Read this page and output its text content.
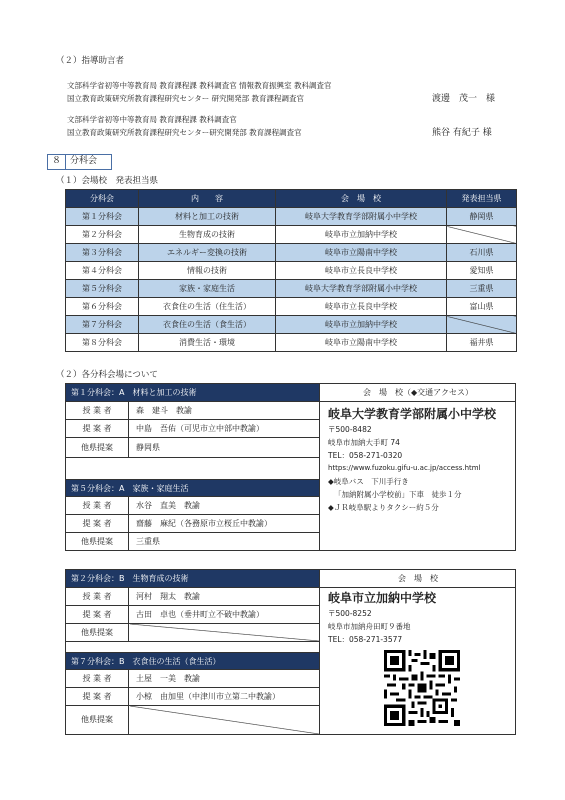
（２）指導助言者
文部科学省初等中等教育局 教育課程課 教科調査官 情報教育振興室 教科調査官
国立教育政策研究所教育課程研究センター 研究開発部 教育課程調査官	渡邊　茂一　様
文部科学省初等中等教育局 教育課程課 教科調査官
国立教育政策研究所教育課程研究センター研究開発部 教育課程調査官	熊谷 有紀子 様
８	分科会
（１）会場校　発表担当県
分科会	内　　容	会　場　校	発表担当県
第１分科会	材料と加工の技術	岐阜大学教育学部附属小中学校	静岡県
第２分科会	生物育成の技術	岐阜市立加納中学校	
第３分科会	エネルギー変換の技術	岐阜市立陽南中学校	石川県
第４分科会	情報の技術	岐阜市立長良中学校	愛知県
第５分科会	家族・家庭生活	岐阜大学教育学部附属小中学校	三重県
第６分科会	衣食住の生活（住生活）	岐阜市立長良中学校	富山県
第７分科会	衣食住の生活（食生活）	岐阜市立加納中学校	
第８分科会	消費生活・環境	岐阜市立陽南中学校	福井県
（２）各分科会場について
第１分科会：A　材料と加工の技術
授 業 者	森　建斗　教諭
提 案 者	中島　吾佑（可児市立中部中教諭）
他県提案	静岡県
第５分科会：A　家族・家庭生活
授 業 者	水谷　直美　教諭
提 案 者	齋藤　麻紀（各務原市立桜丘中教諭）
他県提案	三重県
会　場　校（◆交通アクセス）
岐阜大学教育学部附属小中学校
〒500-8482
岐阜市加納大手町 74
TEL：058-271-0320
https://www.fuzoku.gifu-u.ac.jp/access.html
◆岐阜バス　下川手行き
「加納附属小学校前」下車　徒歩１分
◆ＪＲ岐阜駅よりタクシー約５分
第２分科会：B　生物育成の技術
授 業 者	河村　翔太　教諭
提 案 者	古田　卓也（垂井町立不破中教諭）
他県提案
第７分科会：B　衣食住の生活（食生活）
授 業 者	土屋　一美　教諭
提 案 者	小椋　由加里（中津川市立第二中教諭）
他県提案
会　場　校
岐阜市立加納中学校
〒500-8252
岐阜市加納舟田町９番地
TEL：058-271-3577
